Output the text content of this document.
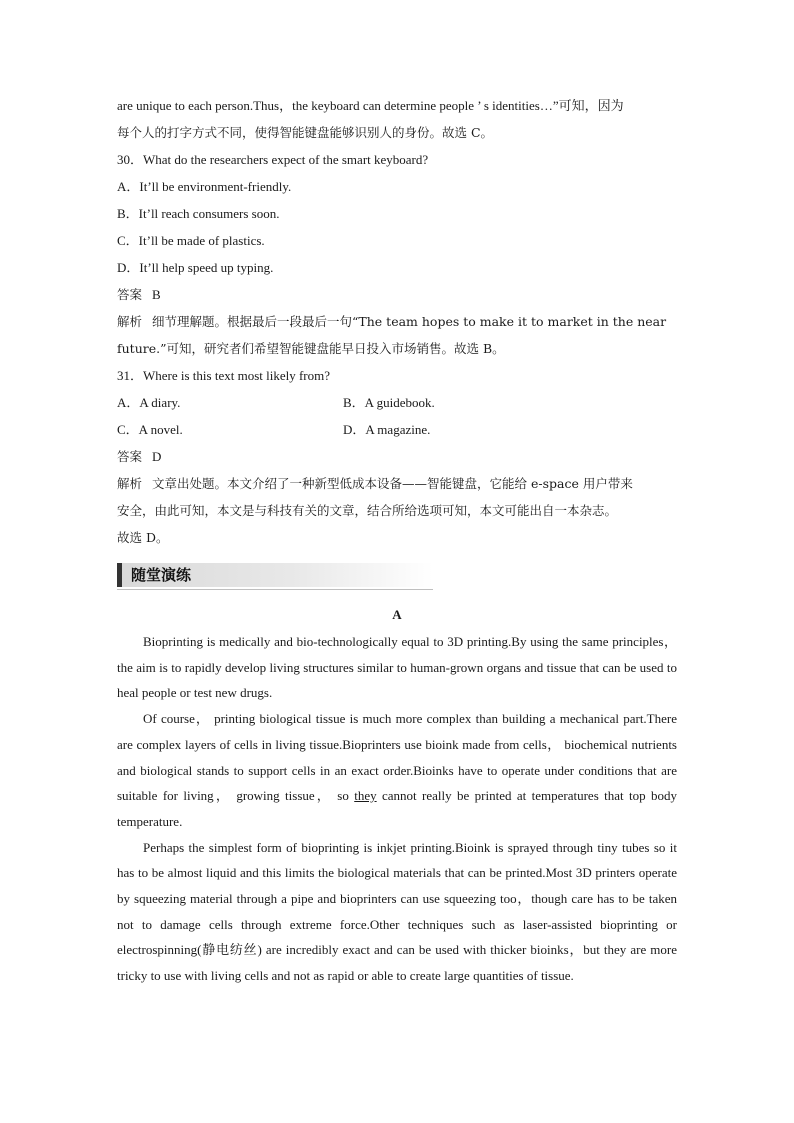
are unique to each person.Thus，the keyboard can determine people ’ s identities…”可知，因为
每个人的打字方式不同，使得智能键盘能够识别人的身份。故选 C。
30．What do the researchers expect of the smart keyboard?
A．It’ll be environment-friendly.
B．It’ll reach consumers soon.
C．It’ll be made of plastics.
D．It’ll help speed up typing.
答案 B
解析 细节理解题。根据最后一段最后一句“The team hopes to make it to market in the near
future.”可知，研究者们希望智能键盘能早日投入市场销售。故选 B。
31．Where is this text most likely from?
A．A diary.	B．A guidebook.
C．A novel.	D．A magazine.
答案 D
解析 文章出处题。本文介绍了一种新型低成本设备——智能键盘，它能给 e-space 用户带来
安全，由此可知，本文是与科技有关的文章，结合所给选项可知，本文可能出自一本杂志。
故选 D。
随堂演练
A

Bioprinting is medically and bio-technologically equal to 3D printing.By using the same principles， the aim is to rapidly develop living structures similar to human-grown organs and tissue that can be used to heal people or test new drugs.

Of course， printing biological tissue is much more complex than building a mechanical part.There are complex layers of cells in living tissue.Bioprinters use bioink made from cells， biochemical nutrients and biological stands to support cells in an exact order.Bioinks have to operate under conditions that are suitable for living， growing tissue， so they cannot really be printed at temperatures that top body temperature.

Perhaps the simplest form of bioprinting is inkjet printing.Bioink is sprayed through tiny tubes so it has to be almost liquid and this limits the biological materials that can be printed.Most 3D printers operate by squeezing material through a pipe and bioprinters can use squeezing too，though care has to be taken not to damage cells through extreme force.Other techniques such as laser-assisted bioprinting or electrospinning(静电纺丝) are incredibly exact and can be used with thicker bioinks，but they are more tricky to use with living cells and not as rapid or able to create large quantities of tissue.
